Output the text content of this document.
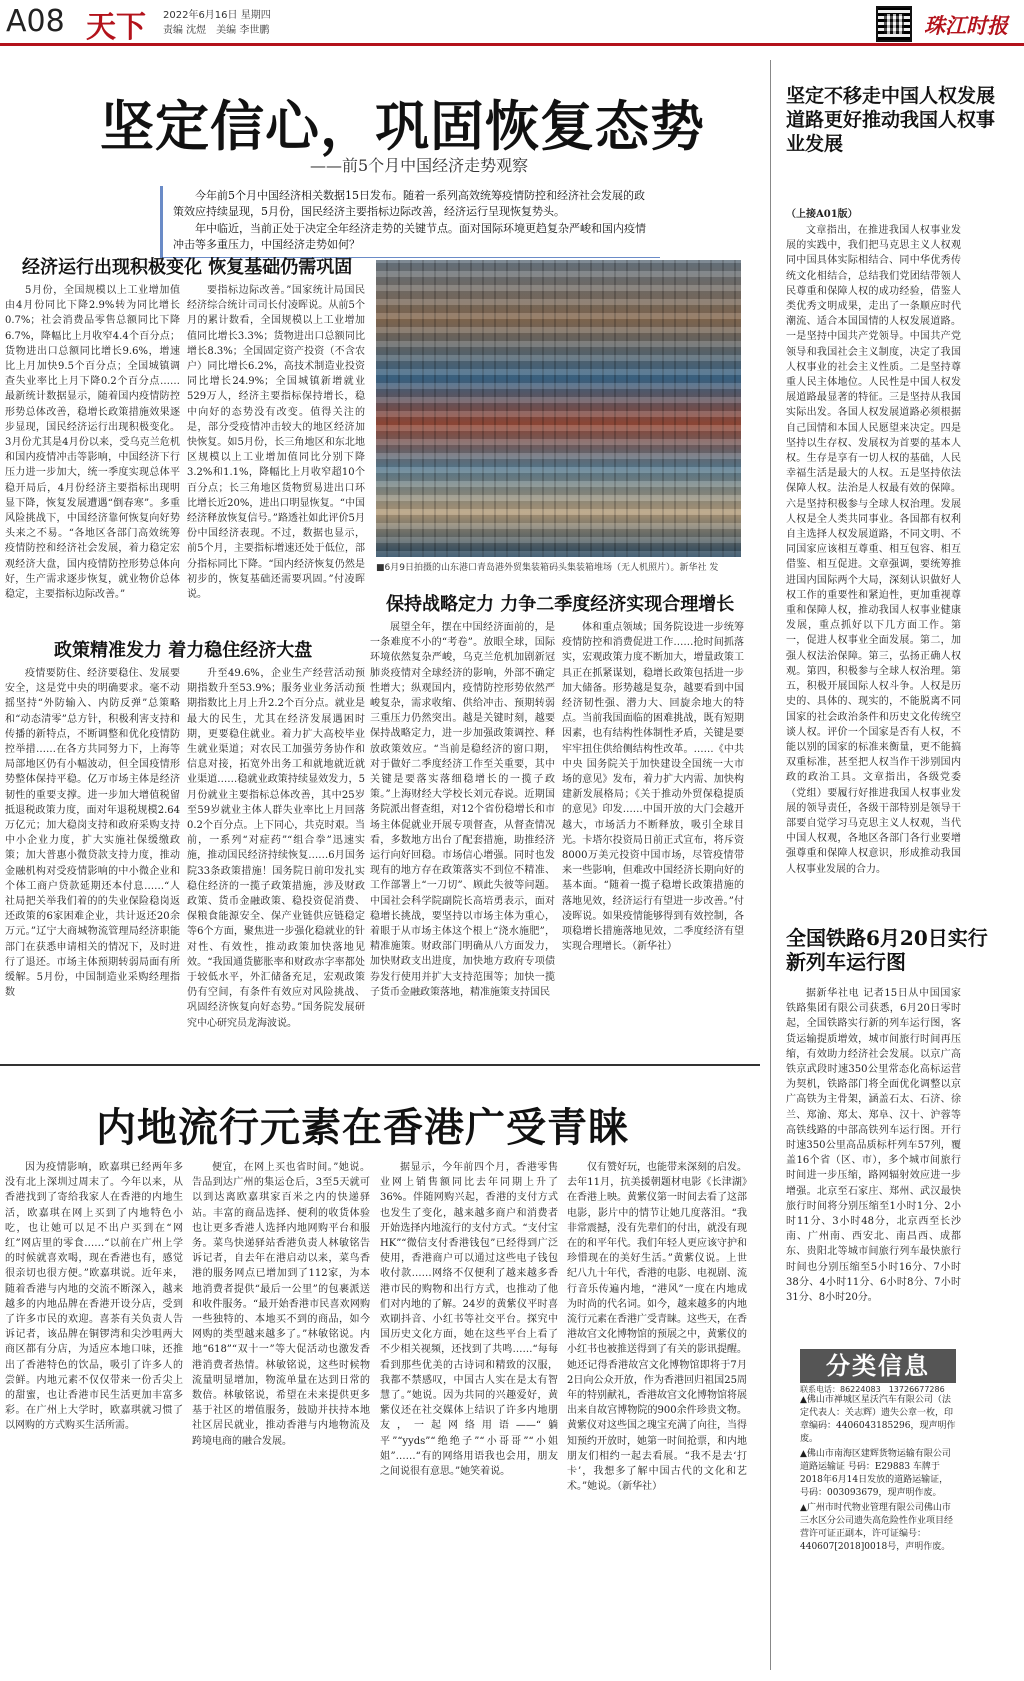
A08 天下 2022年6月16日 星期四
责编 沈煜　美编 李世鹏	珠江时报
坚定信心，巩固恢复态势
——前5个月中国经济走势观察

今年前5个月中国经济相关数据15日发布。随着一系列高效统筹疫情防控和经济社会发展的政策效应持续显现，5月份，国民经济主要指标边际改善，经济运行呈现恢复势头。

年中临近，当前正处于决定全年经济走势的关键节点。面对国际环境更趋复杂严峻和国内疫情冲击等多重压力，中国经济走势如何？

经济运行出现积极变化 恢复基础仍需巩固

5月份，全国规模以上工业增加值由4月份同比下降2.9%转为同比增长0.7%；社会消费品零售总额同比下降6.7%，降幅比上月收窄4.4个百分点；货物进出口总额同比增长9.6%，增速比上月加快9.5个百分点；全国城镇调查失业率比上月下降0.2个百分点……最新统计数据显示，随着国内疫情防控形势总体改善，稳增长政策措施效果逐步显现，国民经济运行出现积极变化。3月份尤其是4月份以来，受乌克兰危机和国内疫情冲击等影响，中国经济下行压力进一步加大，统一季度实现总体平稳开局后，4月份经济主要指标出现明显下降，恢复发展遭遇“倒春寒”。多重风险挑战下，中国经济靠何恢复向好势头来之不易。“各地区各部门高效统筹疫情防控和经济社会发展，着力稳定宏观经济大盘，国内疫情防控形势总体向好，生产需求逐步恢复，就业物价总体稳定，主要指标边际改善。”

要指标边际改善。”国家统计局国民经济综合统计司司长付凌晖说。从前5个月的累计数看，全国规模以上工业增加值同比增长3.3%；货物进出口总额同比增长8.3%；全国固定资产投资（不含农户）同比增长6.2%，高技术制造业投资同比增长24.9%；全国城镇新增就业529万人，经济主要指标保持增长，稳中向好的态势没有改变。值得关注的是，部分受疫情冲击较大的地区经济加快恢复。如5月份，长三角地区和东北地区规模以上工业增加值同比分别下降3.2%和1.1%，降幅比上月收窄超10个百分点；长三角地区货物贸易进出口环比增长近20%，进出口明显恢复。“中国经济释放恢复信号。”路透社如此评价5月份中国经济表现。不过，数据也显示，前5个月，主要指标增速还处于低位，部分指标同比下降。“国内经济恢复仍然是初步的，恢复基础还需要巩固。”付凌晖说。

■6月9日拍摄的山东港口青岛港外贸集装箱码头集装箱堆场（无人机照片）。新华社 发
政策精准发力 着力稳住经济大盘

疫情要防住、经济要稳住、发展要安全，这是党中央的明确要求。毫不动摇坚持“外防输入、内防反弹”总策略和“动态清零”总方针，积极利害支持和传播的新特点，不断调整和优化疫情防控举措……在各方共同努力下，上海等局部地区仍有小幅波动，但全国疫情形势整体保持平稳。亿万市场主体是经济韧性的重要支撑。进一步加大增值税留抵退税政策力度，面对年退税规模2.64万亿元；加大稳岗支持和政府采购支持中小企业力度，扩大实施社保缓缴政策；加大普惠小微贷款支持力度，推动金融机构对受疫情影响的中小微企业和个体工商户贷款延期还本付息……“人社局把关举我们着的的失业保险稳岗返还政策的6家困难企业，共计返还20余万元。”辽宁大商城物流管理局经济职能部门在获悉申请相关的情况下，及时进行了退还。市场主体预期转弱局面有所缓解。5月份，中国制造业采购经理指数

升至49.6%，企业生产经营活动预期指数升至53.9%；服务业业务活动预期指数比上月上升2.2个百分点。就业是最大的民生，尤其在经济发展遇困时期，更要稳住就业。着力扩大高校毕业生就业渠道；对农民工加强劳务协作和信息对接，拓宽外出务工和就地就近就业渠道……稳就业政策持续显效发力，5月份就业主要指标总体改善，其中25岁至59岁就业主体人群失业率比上月回落0.2个百分点。上下同心，共克时艰。当前，一系列“对症药”“组合拳”迅速实施，推动国民经济持续恢复……6月国务院33条政策措施！国务院日前印发扎实稳住经济的一揽子政策措施，涉及财政政策、货币金融政策、稳投资促消费、保粮食能源安全、保产业链供应链稳定等6个方面，聚焦进一步强化稳就业的针对性、有效性，推动政策加快落地见效。“我国通货膨胀率和财政赤字率都处于较低水平，外汇储备充足，宏观政策仍有空间，有条件有效应对风险挑战、巩固经济恢复向好态势。”国务院发展研究中心研究员龙海波说。

保持战略定力 力争二季度经济实现合理增长

展望全年，摆在中国经济面前的，是一条难度不小的“考卷”。放眼全球，国际环境依然复杂严峻，乌克兰危机加剧新冠肺炎疫情对全球经济的影响，外部不确定性增大；纵观国内，疫情防控形势依然严峻复杂，需求收缩、供给冲击、预期转弱三重压力仍然突出。越是关键时刻，越要保持战略定力，进一步加强政策调控、释放政策效应。“当前是稳经济的窗口期，对于做好二季度经济工作至关重要，其中关键是要落实落细稳增长的一揽子政策。”上海财经大学校长刘元春说。近期国务院派出督查组，对12个省份稳增长和市场主体促就业开展专项督查，从督查情况看，多数地方出台了配套措施，助推经济运行向好回稳。市场信心增强。同时也发现有的地方存在政策落实不到位不精准、工作部署上“一刀切”、顾此失彼等问题。中国社会科学院副院长高培勇表示，面对稳增长挑战，要坚持以市场主体为重心，着眼于从市场主体这个根上“浇水施肥”，精准施策。财政部门明确从八方面发力，加快财政支出进度，加快地方政府专项债券发行使用并扩大支持范围等；加快一揽子货币金融政策落地，精准施策支持国民

体和重点领域；国务院设进一步统筹疫情防控和消费促进工作……抢时间抓落实，宏观政策力度不断加大，增量政策工具正在抓紧谋划，稳增长政策包括进一步加大储备。形势越是复杂，越要看到中国经济韧性强、潜力大、回旋余地大的特点。当前我国面临的困难挑战，既有短期因素，也有结构性体制性矛盾，关键是要牢牢扭住供给侧结构性改革。……《中共中央 国务院关于加快建设全国统一大市场的意见》发布，着力扩大内需、加快构建新发展格局；《关于推动外贸保稳提质的意见》印发……中国开放的大门会越开越大，市场活力不断释放，吸引全球目光。卡塔尔投资局日前正式宣布，将斥资8000万美元投资中国市场，尽管疫情带来一些影响，但难改中国经济长期向好的基本面。“随着一揽子稳增长政策措施的落地见效，经济运行有望进一步改善。”付凌晖说。如果疫情能够得到有效控制，各项稳增长措施落地见效，二季度经济有望实现合理增长。（新华社）

内地流行元素在香港广受青睐

因为疫情影响，欧嘉琪已经两年多没有北上深圳过周末了。今年以来，从香港找到了寄给我家人在香港的内地生活，欧嘉琪在网上买到了内地特色小吃，也让她可以足不出户买到在“网红”网店里的零食……“以前在广州上学的时候就喜欢喝，现在香港也有，感觉很亲切也很方便。”欧嘉琪说。近年来，随着香港与内地的交流不断深入，越来越多的内地品牌在香港开设分店，受到了许多市民的欢迎。喜茶有关负责人告诉记者，该品牌在铜锣湾和尖沙咀两大商区都有分店，为适应本地口味，还推出了香港特色的饮品，吸引了许多人的尝鲜。内地元素不仅仅带来一份舌尖上的甜蜜，也让香港市民生活更加丰富多彩。在广州上大学时，欧嘉琪就习惯了以网购的方式购买生活所需。

便宜，在网上买也省时间。”她说。告品到达广州的集运仓后，3至5天就可以到达离欧嘉琪家百米之内的快递驿站。丰富的商品选择、便利的收货体验也让更多香港人选择内地网购平台和服务。菜鸟快递驿站香港负责人林敏铭告诉记者，自去年在港启动以来，菜鸟香港的服务网点已增加到了112家，为本地消费者提供“最后一公里”的包裹派送和收件服务。“最开始香港市民喜欢网购一些独特的、本地买不到的商品，如今网购的类型越来越多了。”林敏铭说。内地“618”“双十一”等大促活动也激发香港消费者热情。林敏铭说，这些时候物流量明显增加，物流单量在达到日常的数倍。林敏铭说，希望在未来提供更多基于社区的增值服务，鼓励并扶持本地社区居民就业，推动香港与内地物流及跨境电商的融合发展。

据显示，今年前四个月，香港零售业网上销售额同比去年同期上升了36%。伴随网购兴起，香港的支付方式也发生了变化，越来越多商户和消费者开始选择内地流行的支付方式。“支付宝HK”“微信支付香港钱包”已经得到广泛使用，香港商户可以通过这些电子钱包收付款……网络不仅便利了越来越多香港市民的购物和出行方式，也推动了他们对内地的了解。24岁的黄紫仪平时喜欢刷抖音、小红书等社交平台。探究中国历史文化方面，她在这些平台上看了不少相关视频，还找到了共鸣……“每每看到那些优美的古诗词和精致的汉服，我都不禁感叹，中国古人实在是太有智慧了。”她说。因为共同的兴趣爱好，黄紫仪还在社交媒体上结识了许多内地朋友，一起网络用语——“躺平”“yyds”“绝绝子”“小哥哥”“小姐姐”……“有的网络用语我也会用，朋友之间说很有意思。”她笑着说。

仅有赞好玩，也能带来深刻的启发。去年11月，抗美援朝题材电影《长津湖》在香港上映。黄紫仪第一时间去看了这部电影，影片中的情节让她几度落泪。“我非常震撼，没有先辈们的付出，就没有现在的和平年代。我们年轻人更应该守护和珍惜现在的美好生活。”黄紫仪说。上世纪八九十年代，香港的电影、电视剧、流行音乐传遍内地，“港风”一度在内地成为时尚的代名词。如今，越来越多的内地流行元素在香港广受青睐。这些天，在香港故宫文化博物馆的预展之中，黄紫仪的小红书也被推送得到了有关的影讯提醒。她还记得香港故宫文化博物馆即将于7月2日向公众开放，作为香港回归祖国25周年的特别献礼，香港故宫文化博物馆将展出来自故宫博物院的900余件珍贵文物。黄紫仪对这些国之瑰宝充满了向往，当得知预约开放时，她第一时间抢票，和内地朋友们相约一起去看展。“我不是去‘打卡’，我想多了解中国古代的文化和艺术。”她说。（新华社）

坚定不移走中国人权发展道路更好推动我国人权事业发展
（上接A01版）

文章指出，在推进我国人权事业发展的实践中，我们把马克思主义人权观同中国具体实际相结合、同中华优秀传统文化相结合，总结我们党团结带领人民尊重和保障人权的成功经验，借鉴人类优秀文明成果，走出了一条顺应时代潮流、适合本国国情的人权发展道路。一是坚持中国共产党领导。中国共产党领导和我国社会主义制度，决定了我国人权事业的社会主义性质。二是坚持尊重人民主体地位。人民性是中国人权发展道路最显著的特征。三是坚持从我国实际出发。各国人权发展道路必须根据自己国情和本国人民愿望来决定。四是坚持以生存权、发展权为首要的基本人权。生存是享有一切人权的基础，人民幸福生活是最大的人权。五是坚持依法保障人权。法治是人权最有效的保障。六是坚持积极参与全球人权治理。发展人权是全人类共同事业。各国都有权利自主选择人权发展道路，不同文明、不同国家应该相互尊重、相互包容、相互借鉴、相互促进。文章强调，要统筹推进国内国际两个大局，深刻认识做好人权工作的重要性和紧迫性，更加重视尊重和保障人权，推动我国人权事业健康发展，重点抓好以下几方面工作。第一，促进人权事业全面发展。第二，加强人权法治保障。第三，弘扬正确人权观。第四，积极参与全球人权治理。第五，积极开展国际人权斗争。人权是历史的、具体的、现实的，不能脱离不同国家的社会政治条件和历史文化传统空谈人权。评价一个国家是否有人权，不能以别的国家的标准来衡量，更不能搞双重标准，甚至把人权当作干涉别国内政的政治工具。文章指出，各级党委（党组）要履行好推进我国人权事业发展的领导责任，各级干部特别是领导干部要自觉学习马克思主义人权观，当代中国人权观，各地区各部门各行业要增强尊重和保障人权意识，形成推动我国人权事业发展的合力。

全国铁路6月20日实行新列车运行图

据新华社电 记者15日从中国国家铁路集团有限公司获悉，6月20日零时起，全国铁路实行新的列车运行图，客货运输提质增效，城市间旅行时间再压缩，有效助力经济社会发展。以京广高铁京武段时速350公里常态化高标运营为契机，铁路部门将全面优化调整以京广高铁为主骨架，涵盖石太、石济、徐兰、郑渝、郑太、郑阜、汉十、沪蓉等高铁线路的中部高铁列车运行图。开行时速350公里高品质标杆列车57列，覆盖16个省（区、市），多个城市间旅行时间进一步压缩，路网辐射效应进一步增强。北京至石家庄、郑州、武汉最快旅行时间将分别压缩至1小时1分、2小时11分、3小时48分，北京西至长沙南、广州南、西安北、南昌西、成都东、贵阳北等城市间旅行列车最快旅行时间也分别压缩至5小时16分、7小时38分、4小时11分、6小时8分、7小时31分、8小时20分。

分类信息
联系电话：86224083　13726677286

▲佛山市禅城区星沃汽车有限公司（法定代表人：关志辉）遗失公章一枚，印章编码：4406043185296，现声明作废。

▲佛山市南海区建辉货物运输有限公司道路运输证 号码：E29883 车牌于2018年6月14日发放的道路运输证，号码：003093679，现声明作废。

▲广州市时代物业管理有限公司佛山市三水区分公司遗失高危险性作业项目经营许可证正副本，许可证编号：440607[2018]0018号，声明作废。
